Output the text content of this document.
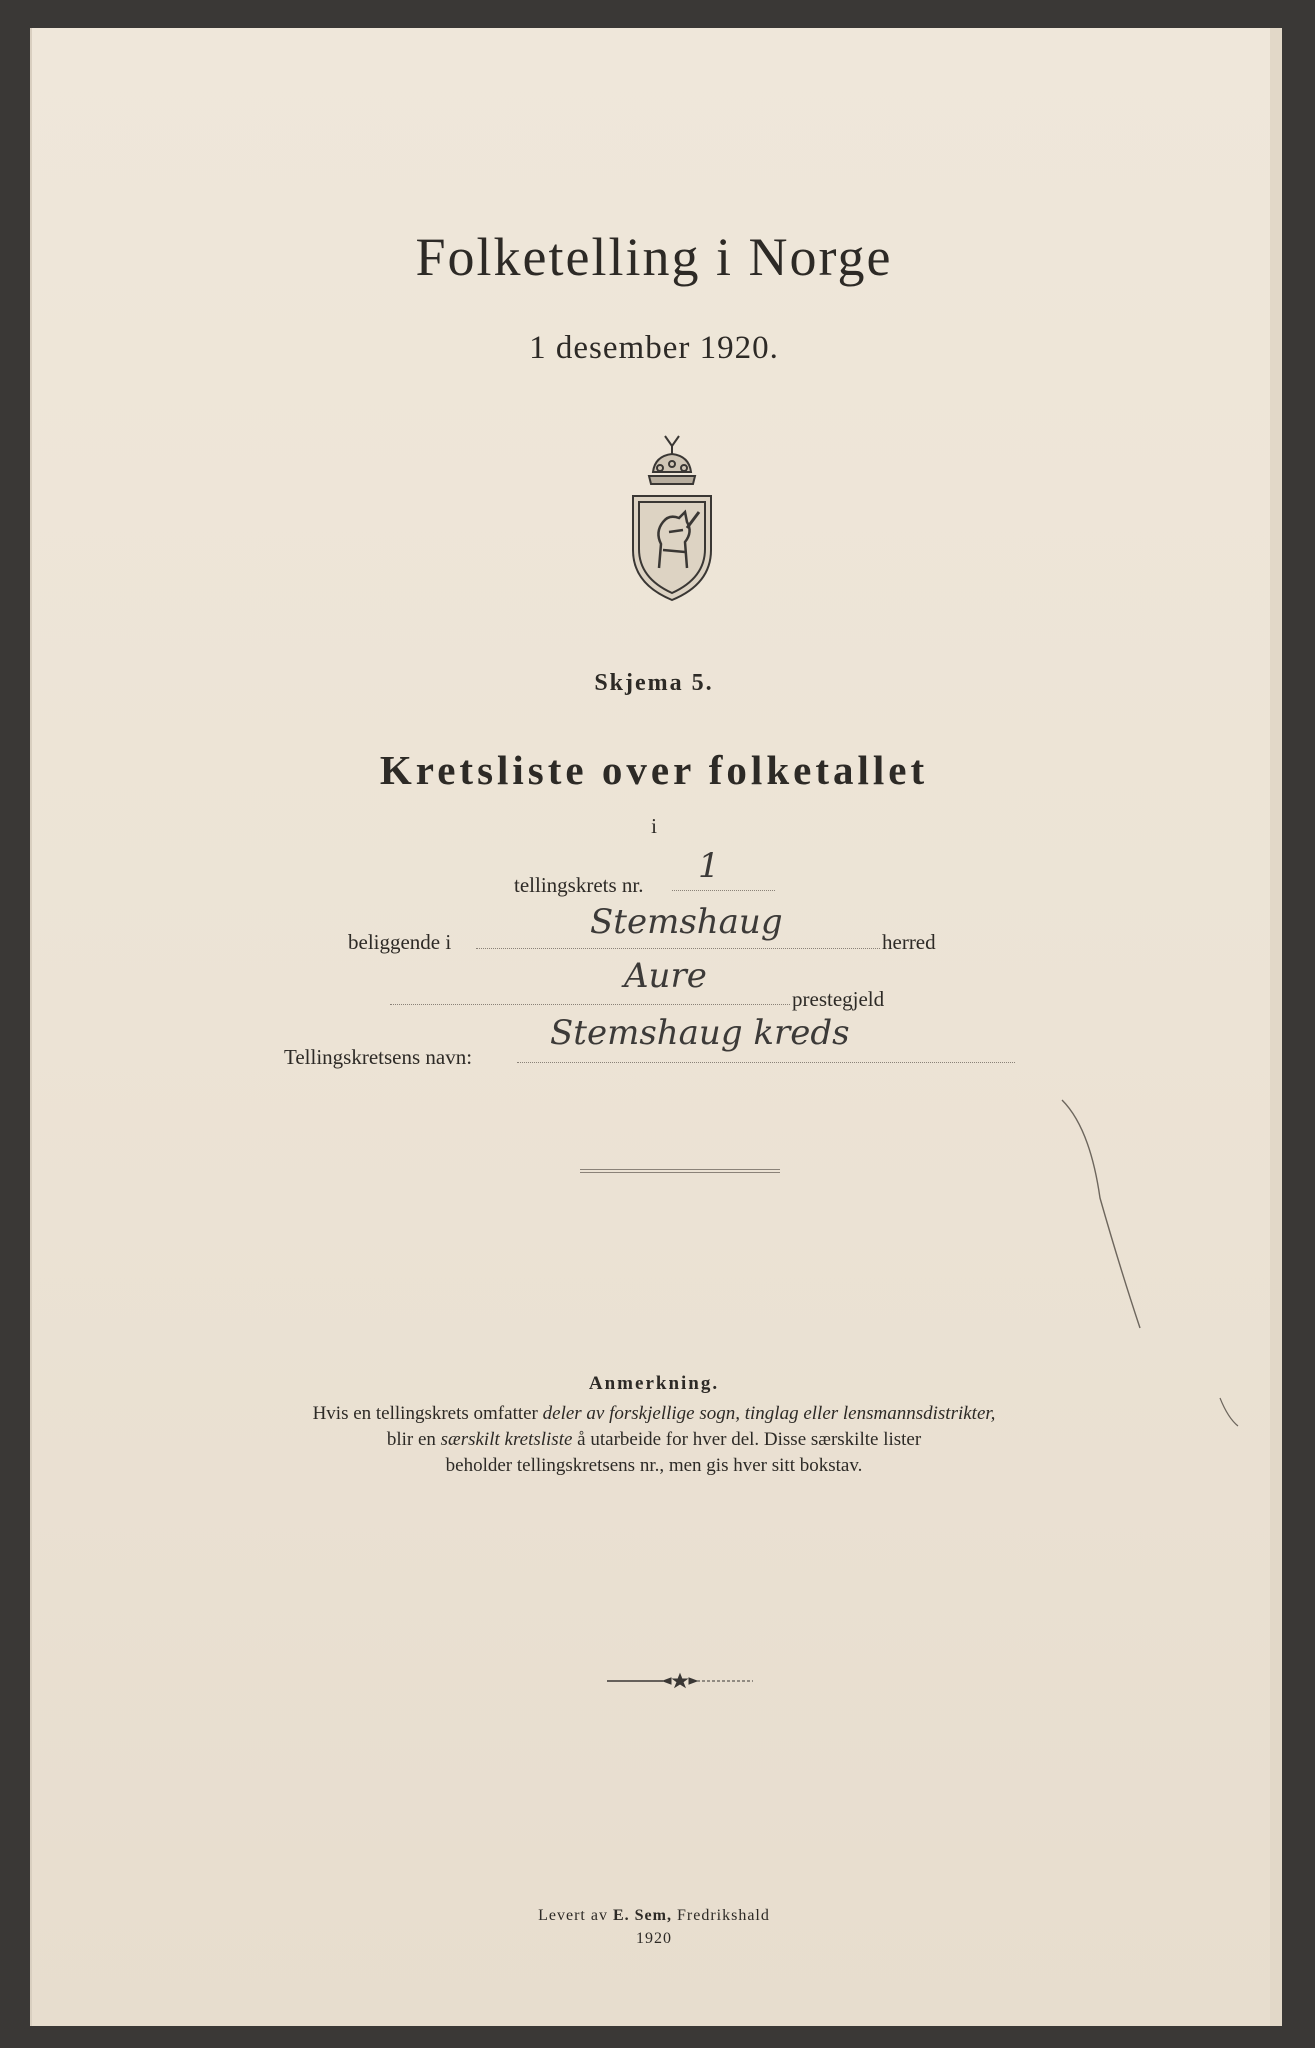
Folketelling i Norge
1 desember 1920.
Skjema 5.
Kretsliste over folketallet
i
tellingskrets nr. 1
beliggende i	Stemshaug	herred
Aure
prestegjeld
Tellingskretsens navn:
Stemshaug kreds
Anmerkning.
Hvis en tellingskrets omfatter deler av forskjellige sogn, tinglag eller lensmannsdistrikter,
blir en særskilt kretsliste å utarbeide for hver del. Disse særskilte lister
beholder tellingskretsens nr., men gis hver sitt bokstav.
Levert av E. Sem, Fredrikshald
1920
